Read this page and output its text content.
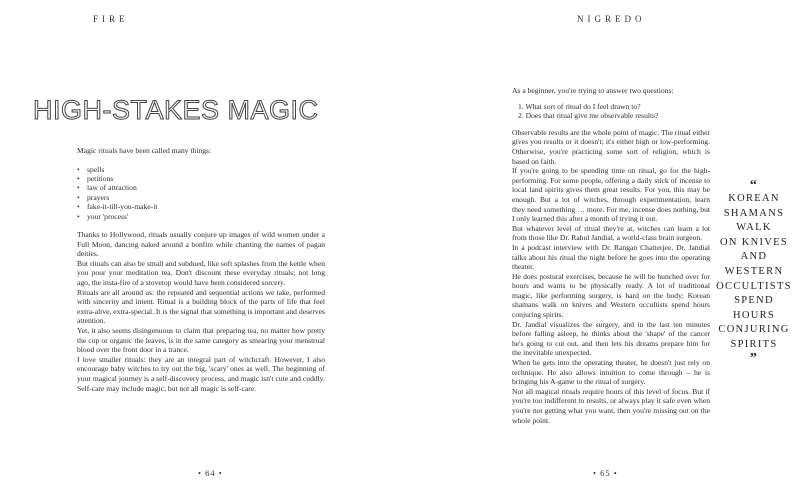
FIRE
HIGH-STAKES MAGIC

Magic rituals have been called many things:

• spells
• petitions
• law of attraction
• prayers
• fake-it-till-you-make-it
• your 'process'

Thanks to Hollywood, rituals usually conjure up images of wild women under a Full Moon, dancing naked around a bonfire while chanting the names of pagan deities.

But rituals can also be small and subdued, like soft splashes from the kettle when you pour your meditation tea. Don't discount these everyday rituals; not long ago, the insta-fire of a stovetop would have been considered sorcery.

Rituals are all around us: the repeated and sequential actions we take, performed with sincerity and intent. Ritual is a building block of the parts of life that feel extra-alive, extra-special. It is the signal that something is important and deserves attention.

Yet, it also seems disingenuous to claim that preparing tea, no matter how pretty the cup or organic the leaves, is in the same category as smearing your menstrual blood over the front door in a trance.

I love smaller rituals: they are an integral part of witchcraft. However, I also encourage baby witches to try out the big, 'scary' ones as well. The beginning of your magical journey is a self-discovery process, and magic isn't cute and cuddly. Self-care may include magic, but not all magic is self-care.

• 64 •
NIGREDO

As a beginner, you're trying to answer two questions:

1. What sort of ritual do I feel drawn to?
2. Does that ritual give me observable results?

Observable results are the whole point of magic. The ritual either gives you results or it doesn't; it's either high or low-performing. Otherwise, you're practicing some sort of religion, which is based on faith.

If you're going to be spending time on ritual, go for the high-performing. For some people, offering a daily stick of incense to local land spirits gives them great results. For you, this may be enough. But a lot of witches, through experimentation, learn they need something … more. For me, incense does nothing, but I only learned this after a month of trying it out.

But whatever level of ritual they're at, witches can learn a lot from those like Dr. Rahul Jandial, a world-class brain surgeon.

In a podcast interview with Dr. Rangan Chatterjee, Dr. Jandial talks about his ritual the night before he goes into the operating theater.

He does postural exercises, because he will be hunched over for hours and wants to be physically ready. A lot of traditional magic, like performing surgery, is hard on the body; Korean shamans walk on knives and Western occultists spend hours conjuring spirits.

Dr. Jandial visualizes the surgery, and in the last ten minutes before falling asleep, he thinks about the 'shape' of the cancer he's going to cut out, and then lets his dreams prepare him for the inevitable unexpected.

When he gets into the operating theater, he doesn't just rely on technique. He also allows intuition to come through – he is bringing his A-game to the ritual of surgery.

Not all magical rituals require hours of this level of focus. But if you're too indifferent to results, or always play it safe even when you're not getting what you want, then you're missing out on the whole point.

“
KOREAN
SHAMANS WALK
ON KNIVES
AND WESTERN
OCCULTISTS
SPEND HOURS
CONJURING
SPIRITS
”
• 65 •
